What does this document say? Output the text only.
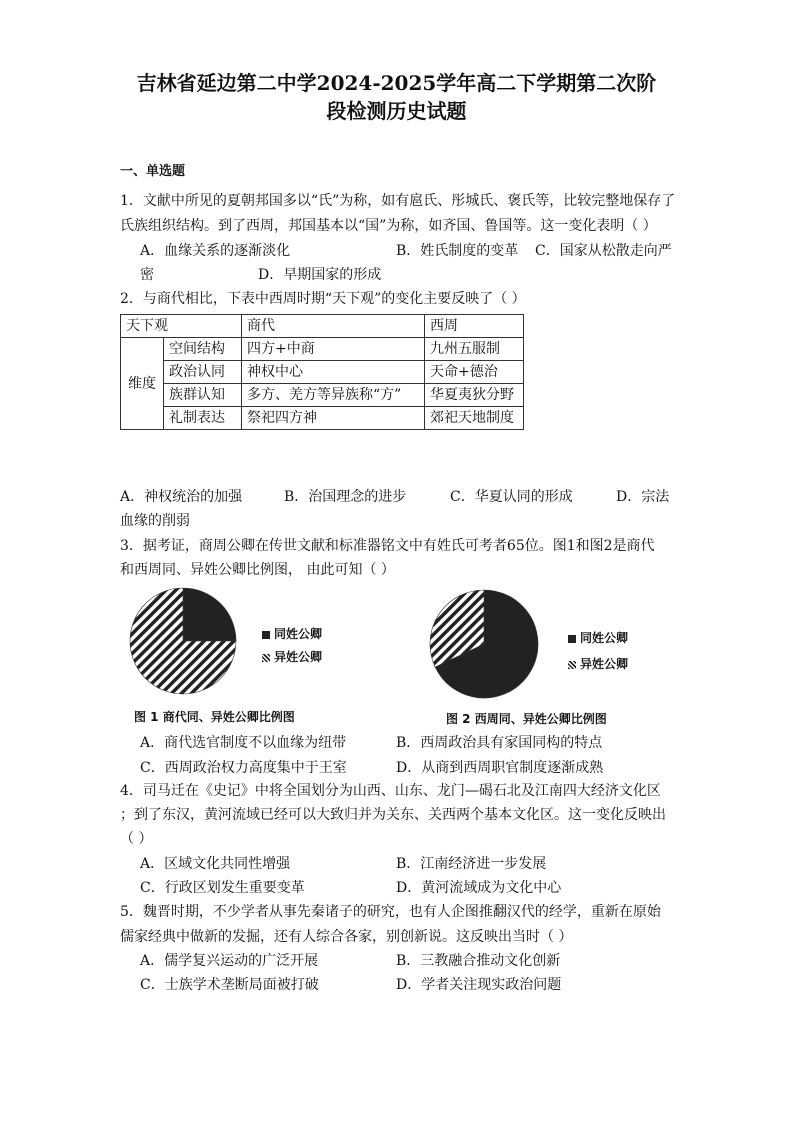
吉林省延边第二中学2024-2025学年高二下学期第二次阶
段检测历史试题
一、单选题
1．文献中所见的夏朝邦国多以“氏”为称，如有扈氏、彤城氏、褒氏等，比较完整地保存了
氏族组织结构。到了西周，邦国基本以“国”为称，如齐国、鲁国等。这一变化表明（ ）
A．血缘关系的逐渐淡化	B．姓氏制度的变革 C．国家从松散走向严
密	D．早期国家的形成
2．与商代相比，下表中西周时期“天下观”的变化主要反映了（ ）
天下观		商代	西周
维度	空间结构	四方+中商	九州五服制
	政治认同	神权中心	天命+德治
	族群认知	多方、羌方等异族称“方”	华夏夷狄分野
	礼制表达	祭祀四方神	郊祀天地制度
A．神权统治的加强	B．治国理念的进步	C．华夏认同的形成	D．宗法
血缘的削弱
3．据考证，商周公卿在传世文献和标准器铭文中有姓氏可考者65位。图1和图2是商代
和西周同、异姓公卿比例图， 由此可知（ ）
同姓公卿
异姓公卿
同姓公卿
异姓公卿
图 1 商代同、异姓公卿比例图	图 2 西周同、异姓公卿比例图
A．商代选官制度不以血缘为纽带	B．西周政治具有家国同构的特点
C．西周政治权力高度集中于王室	D．从商到西周职官制度逐渐成熟
4．司马迁在《史记》中将全国划分为山西、山东、龙门—碣石北及江南四大经济文化区
；到了东汉，黄河流域已经可以大致归并为关东、关西两个基本文化区。这一变化反映出
（ ）
A．区域文化共同性增强	B．江南经济进一步发展
C．行政区划发生重要变革	D．黄河流域成为文化中心
5．魏晋时期，不少学者从事先秦诸子的研究，也有人企图推翻汉代的经学，重新在原始
儒家经典中做新的发掘，还有人综合各家，别创新说。这反映出当时（ ）
A．儒学复兴运动的广泛开展	B．三教融合推动文化创新
C．士族学术垄断局面被打破	D．学者关注现实政治问题
